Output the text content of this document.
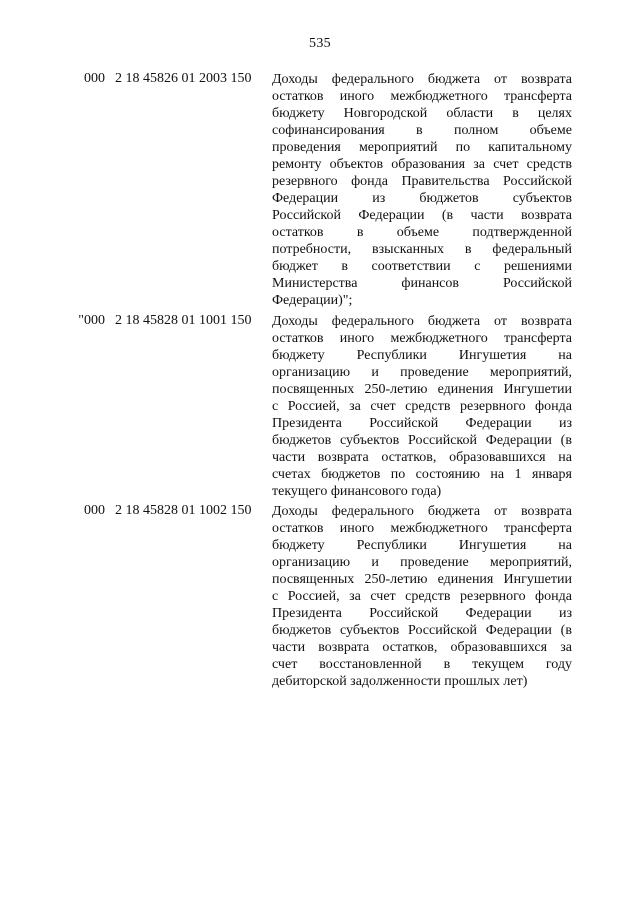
535
000 2 18 45826 01 2003 150	Доходы федерального бюджета от возврата
остатков иного межбюджетного трансферта
бюджету Новгородской области в целях
софинансирования в полном объеме
проведения мероприятий по капитальному
ремонту объектов образования за счет средств
резервного фонда Правительства Российской
Федерации из бюджетов субъектов
Российской Федерации (в части возврата
остатков в объеме подтвержденной
потребности, взысканных в федеральный
бюджет в соответствии с решениями
Министерства	финансов	Российской
Федерации)";
"000 2 18 45828 01 1001 150	Доходы федерального бюджета от возврата
остатков иного межбюджетного трансферта
бюджету Республики Ингушетия на
организацию и проведение мероприятий,
посвященных 250-летию единения Ингушетии
с Россией, за счет средств резервного фонда
Президента Российской Федерации из
бюджетов субъектов Российской Федерации (в
части возврата остатков, образовавшихся на
счетах бюджетов по состоянию на 1 января
текущего финансового года)
000 2 18 45828 01 1002 150	Доходы федерального бюджета от возврата
остатков иного межбюджетного трансферта
бюджету Республики Ингушетия на
организацию и проведение мероприятий,
посвященных 250-летию единения Ингушетии
с Россией, за счет средств резервного фонда
Президента Российской Федерации из
бюджетов субъектов Российской Федерации (в
части возврата остатков, образовавшихся за
счет восстановленной в текущем году
дебиторской задолженности прошлых лет)
